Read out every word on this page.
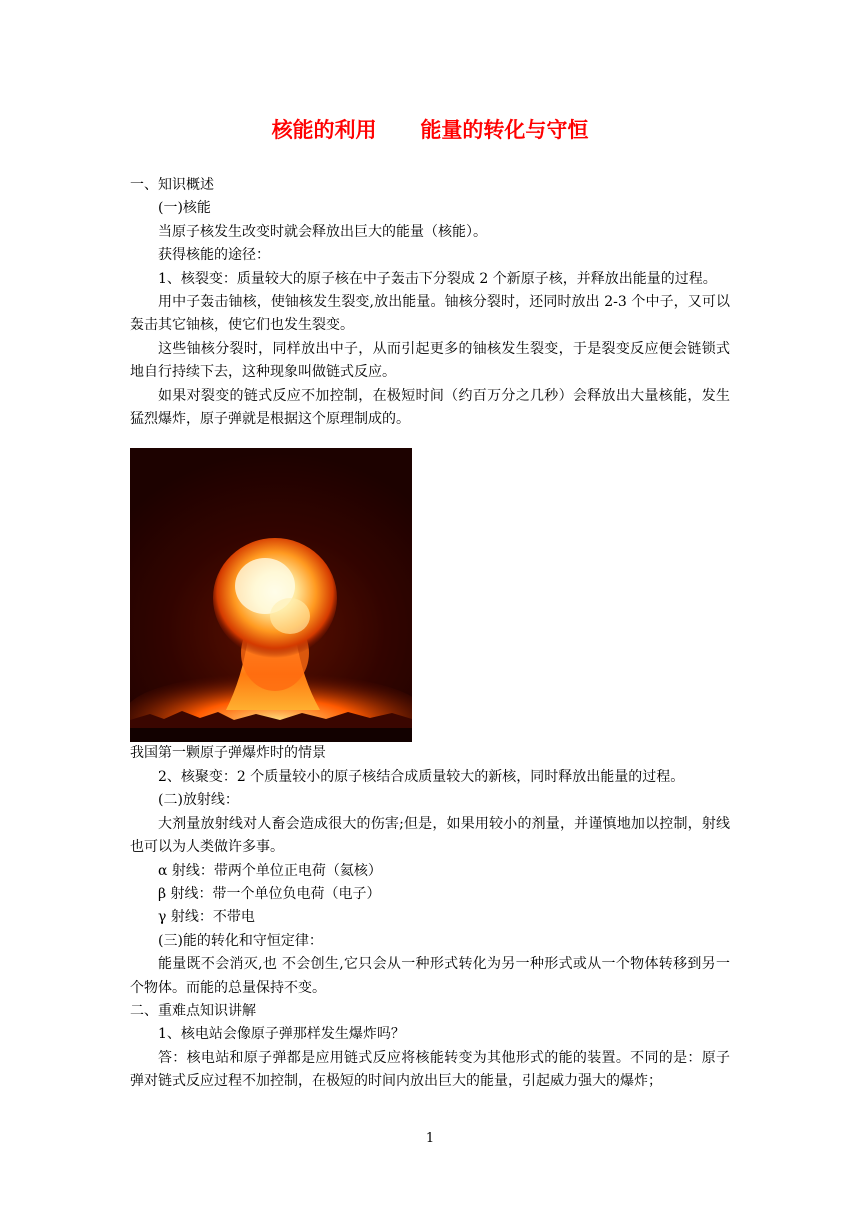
核能的利用      能量的转化与守恒

一、知识概述

(一)核能

当原子核发生改变时就会释放出巨大的能量（核能）。

获得核能的途径：

1、核裂变：质量较大的原子核在中子轰击下分裂成 2 个新原子核，并释放出能量的过程。

用中子轰击铀核，使铀核发生裂变,放出能量。铀核分裂时，还同时放出 2-3 个中子，又可以轰击其它铀核，使它们也发生裂变。

这些铀核分裂时，同样放出中子，从而引起更多的铀核发生裂变，于是裂变反应便会链锁式地自行持续下去，这种现象叫做链式反应。

如果对裂变的链式反应不加控制，在极短时间（约百万分之几秒）会释放出大量核能，发生猛烈爆炸，原子弹就是根据这个原理制成的。

我国第一颗原子弹爆炸时的情景

2、核聚变：2 个质量较小的原子核结合成质量较大的新核，同时释放出能量的过程。

(二)放射线：

大剂量放射线对人畜会造成很大的伤害;但是，如果用较小的剂量，并谨慎地加以控制，射线也可以为人类做许多事。

α 射线：带两个单位正电荷（氦核）

β 射线：带一个单位负电荷（电子）

γ 射线：不带电

(三)能的转化和守恒定律：

能量既不会消灭,也 不会创生,它只会从一种形式转化为另一种形式或从一个物体转移到另一个物体。而能的总量保持不变。

二、重难点知识讲解

1、核电站会像原子弹那样发生爆炸吗？

答：核电站和原子弹都是应用链式反应将核能转变为其他形式的能的装置。不同的是：原子弹对链式反应过程不加控制，在极短的时间内放出巨大的能量，引起威力强大的爆炸；

1
